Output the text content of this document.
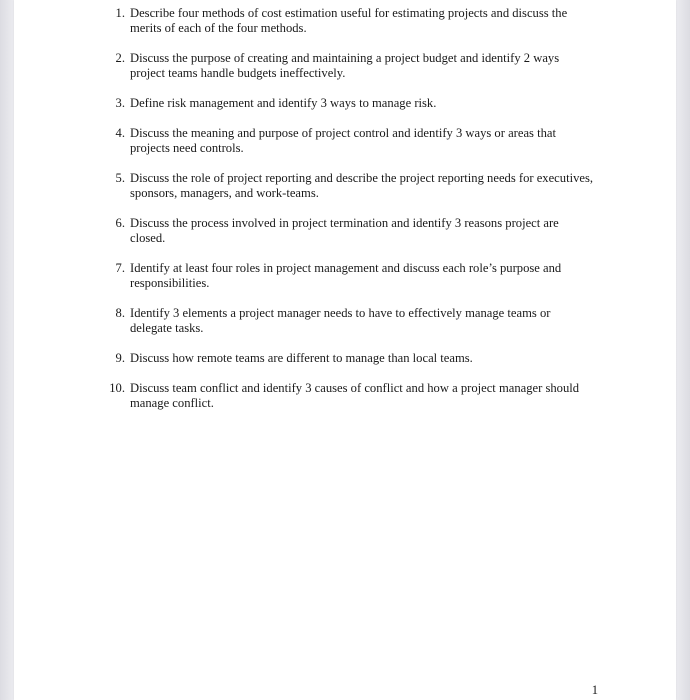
1. Describe four methods of cost estimation useful for estimating projects and discuss the merits of each of the four methods.
2. Discuss the purpose of creating and maintaining a project budget and identify 2 ways project teams handle budgets ineffectively.
3. Define risk management and identify 3 ways to manage risk.
4. Discuss the meaning and purpose of project control and identify 3 ways or areas that projects need controls.
5. Discuss the role of project reporting and describe the project reporting needs for executives, sponsors, managers, and work-teams.
6. Discuss the process involved in project termination and identify 3 reasons project are closed.
7. Identify at least four roles in project management and discuss each role’s purpose and responsibilities.
8. Identify 3 elements a project manager needs to have to effectively manage teams or delegate tasks.
9. Discuss how remote teams are different to manage than local teams.
10. Discuss team conflict and identify 3 causes of conflict and how a project manager should manage conflict.
1
